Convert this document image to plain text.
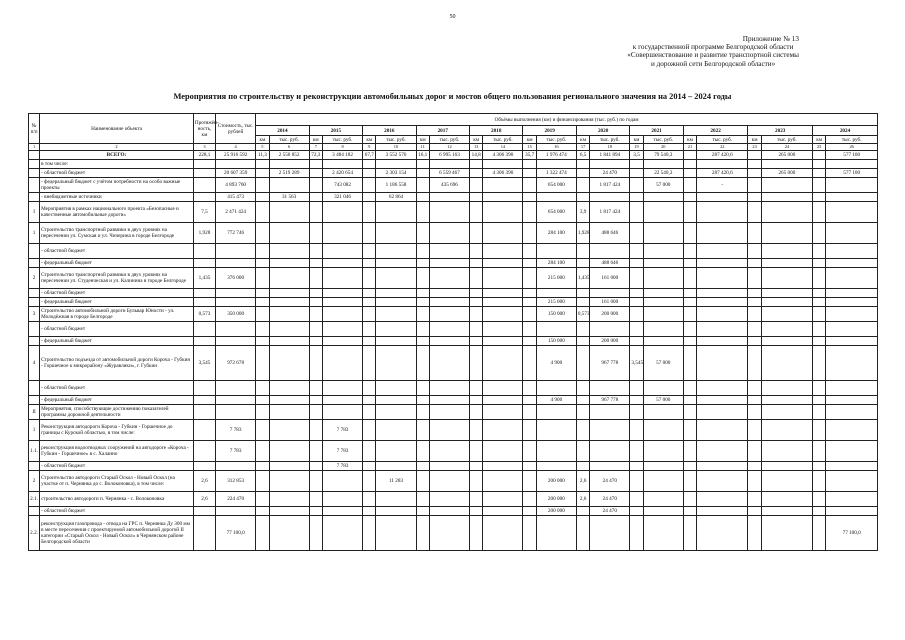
50
Приложение № 13
к государственной программе Белгородской области
«Совершенствование и развитие транспортной системы
и дорожной сети Белгородской области»
Мероприятия по строительству и реконструкции автомобильных дорог и мостов общего пользования регионального значения на 2014 – 2024 годы
№ п/п	Наименование объекта	Протяжён-ность, км	Стоимость, тыс. рублей	Объёмы выполнения (км) и финансирования (тыс. руб.) по годам																					
				2014		2015		2016		2017		2018		2019		2020		2021		2022		2023		2024	
				км	тыс. руб.	км	тыс. руб.	км	тыс. руб.	км	тыс. руб.	км	тыс. руб.	км	тыс. руб.	км	тыс. руб.	км	тыс. руб.	км	тыс. руб.	км	тыс. руб.	км	тыс. руб.
1	2	3	4	5	6	7	8	9	10	11	12	13	14	15	16	17	18	19	20	21	22	23	24	25	26
	ВСЕГО:	228,1	25 916 592	11,3	2 550 852	72,3	3 484 182	67,7	3 552 576	16,1	6 995 163	14,8	4 306 390	35,7	1 976 474	6,5	1 841 894	3,5	79 540,3		287 420,6		265 000		577 100
	в том числе:																								
	- областной бюджет		20 607 359		2 519 289		2 420 654		2 303 154		6 559 467		4 306 390		1 322 474		24 470		22 540,3		287 420,6		265 000		577 100
	- федеральный бюджет с учётом потребности на особо важные проекты		4 893 760				743 082		1 186 558		435 696				654 000		1 817 424		57 000		-				
	- внебюджетные источники		415 473		31 563		321 046		62 864																
I	Мероприятия в рамках национального проекта «Безопасные и качественные автомобильные дороги»	7,5	2 471 424												654 000	3,9	1 817 424								
1	Строительство транспортной развязки в двух уровнях на пересечении ул. Сумская и ул. Чичерина в городе Белгороде	1,928	772 746												284 100	1,928	488 646								
	- областной бюджет																								
	- федеральный бюджет														284 100		488 646								
2	Строительство транспортной развязки в двух уровнях на пересечении ул. Студенческая и ул. Калинина в городе Белгороде	1,435	376 000												215 000	1,435	161 000								
	- областной бюджет																								
	- федеральный бюджет														215 000		161 000								
3	Строительство автомобильной дороги Бульвар Юности - ул. Молодёжная в городе Белгороде	0,573	350 000												150 000	0,573	200 000								
	- областной бюджет																								
	- федеральный бюджет														150 000		200 000								
4	Строительство подъезда от автомобильной дороги Короча - Губкин - Горшечное к микрорайону «Журавлики», г. Губкин	3,545	972 678												4 900		967 778	3,545	57 000						
	- областной бюджет																								
	- федеральный бюджет														4 900		967 778		57 000						
II	Мероприятия, способствующие достижению показателей программы дорожной деятельности																								
1	Реконструкция автодороги Короча - Губкин - Горшечное до границы с Курской областью, в том числе:		7 783				7 783																		
1.1.	реконструкция водоотводных сооружений на автодороге «Короча - Губкин - Горшечное» в с. Халанно		7 783				7 783																		
	- областной бюджет						7 783																		
2	Строительство автодороги Старый Оскол - Новый Оскол (на участке от п. Чернянка до с. Волоконовка), в том числе:	2,6	312 853						11 283						200 000	2,6	24 470								
2.1.	строительство автодороги п. Чернянка - с. Волоконовка	2,6	224 470												200 000	2,6	24 470								
	- областной бюджет														200 000		24 470								
2.2.	реконструкция газопровода - отвода на ГРС п. Чернянка Ду 300 мм в месте пересечения с проектируемой автомобильной дорогой II категории «Старый Оскол - Новый Оскол» в Чернянском районе Белгородской области		77 100,0																						77 100,0
